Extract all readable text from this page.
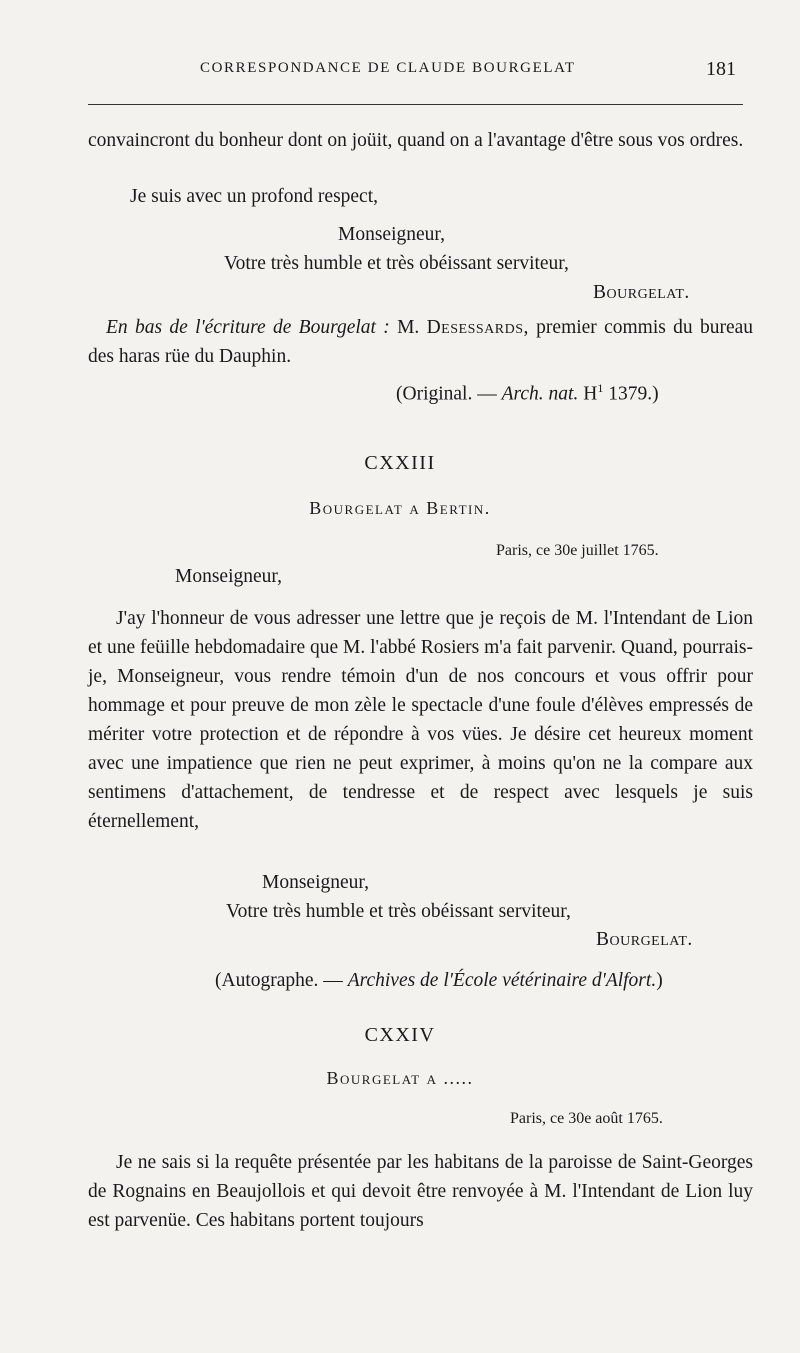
CORRESPONDANCE DE CLAUDE BOURGELAT	181
convaincront du bonheur dont on joüit, quand on a l'avantage d'être sous vos ordres.
Je suis avec un profond respect,
Monseigneur,
Votre très humble et très obéissant serviteur,
Bourgelat.
En bas de l'écriture de Bourgelat : M. Desessards, premier commis du bureau des haras rüe du Dauphin.
(Original. — Arch. nat. $H^1$ 1379.)
CXXIII
Bourgelat a Bertin.
Paris, ce 30e juillet 1765.
Monseigneur,
J'ay l'honneur de vous adresser une lettre que je reçois de M. l'Intendant de Lion et une feüille hebdomadaire que M. l'abbé Rosiers m'a fait parvenir. Quand, pourrais-je, Monseigneur, vous rendre témoin d'un de nos concours et vous offrir pour hommage et pour preuve de mon zèle le spectacle d'une foule d'élèves empressés de mériter votre protection et de répondre à vos vües. Je désire cet heureux moment avec une impatience que rien ne peut exprimer, à moins qu'on ne la compare aux sentimens d'attachement, de tendresse et de respect avec lesquels je suis éternellement,
Monseigneur,
Votre très humble et très obéissant serviteur,
Bourgelat.
(Autographe. — Archives de l'École vétérinaire d'Alfort.)
CXXIV
Bourgelat a .....
Paris, ce 30e août 1765.
Je ne sais si la requête présentée par les habitans de la paroisse de Saint-Georges de Rognains en Beaujollois et qui devoit être renvoyée à M. l'Intendant de Lion luy est parvenüe. Ces habitans portent toujours
